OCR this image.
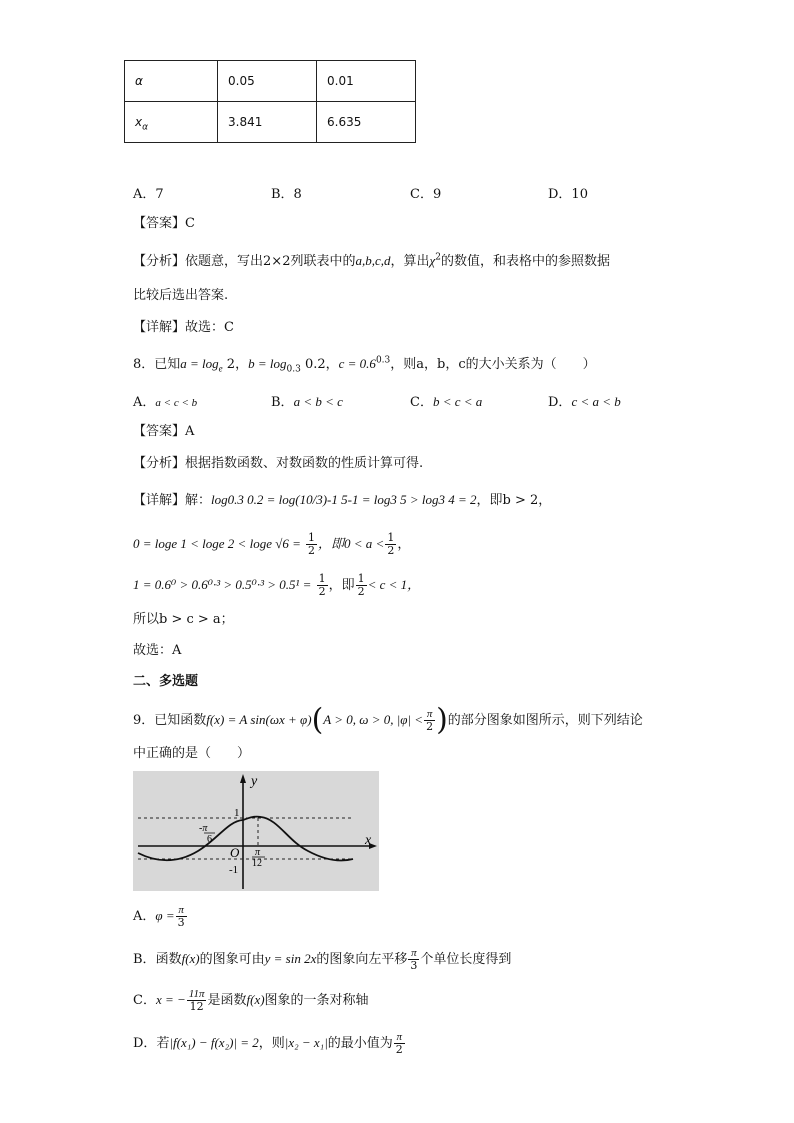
α	0.05	0.01
$x_\alpha$	3.841	6.635
A．7	B．8	C．9	D．10
【答案】C
【分析】依题意，写出2×2列联表中的a,b,c,d，算出$\chi^2$的数值，和表格中的参照数据
比较后选出答案.
【详解】故选：C
8．已知$a = \log_e 2$，$b = \log_{0.3} 0.2$，$c = 0.6^{0.3}$，则a，b，c的大小关系为（　　）
A．a < c < b	B．a < b < c	C．b < c < a	D．c < a < b
【答案】A
【分析】根据指数函数、对数函数的性质计算可得.
【详解】解：log0.3 0.2 = log(10/3)-1 5-1 = log3 5 > log3 4 = 2，即b > 2，
0 = loge 1 < loge 2 < loge $√6 = \frac{1}{2}$ ，即$0 < a < \frac{1}{2}$ ，
$1 = 0.6^0 > 0.6^0\cdot^3 > 0.5^0\cdot^3 > 0.5^1 = \frac{1}{2}$ ，即 $\frac{1}{2} < c < 1$，
所以b > c > a；
故选：A
二、多选题
9．已知函数f(x) = A sin(ωx + φ)(A > 0, ω > 0, $|\varphi| < \frac{\pi}{2}$ )的部分图象如图所示，则下列结论
中正确的是（　　）
y
x
1
-1
O
-π
6
π
12
A．$\varphi = \frac{\pi}{3}$
B．函数f(x)的图象可由y = sin 2x的图象向左平移 $\frac{\pi}{3}$ 个单位长度得到
C．x = − $\frac{11\pi}{12}$ 是函数f(x)图象的一条对称轴
D．若|f(x₁) − f(x₂)| = 2，则|x₂ − x₁|的最小值为 $\frac{\pi}{2}$
